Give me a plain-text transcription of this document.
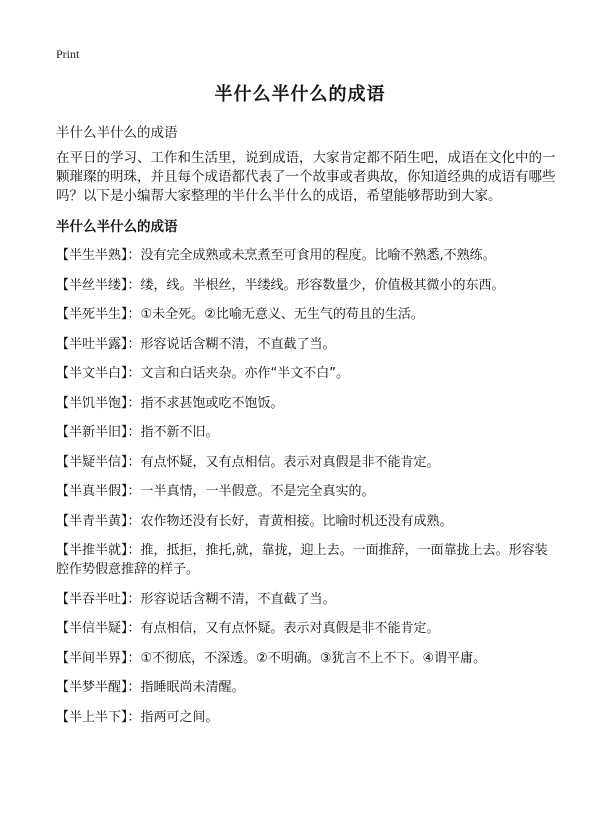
Print
半什么半什么的成语
半什么半什么的成语

在平日的学习、工作和生活里，说到成语，大家肯定都不陌生吧，成语在文化中的一颗璀璨的明珠，并且每个成语都代表了一个故事或者典故，你知道经典的成语有哪些吗？以下是小编帮大家整理的半什么半什么的成语，希望能够帮助到大家。

半什么半什么的成语
【半生半熟】：没有完全成熟或未烹煮至可食用的程度。比喻不熟悉,不熟练。
【半丝半缕】：缕，线。半根丝，半缕线。形容数量少，价值极其微小的东西。
【半死半生】：①未全死。②比喻无意义、无生气的苟且的生活。
【半吐半露】：形容说话含糊不清，不直截了当。
【半文半白】：文言和白话夹杂。亦作“半文不白”。
【半饥半饱】：指不求甚饱或吃不饱饭。
【半新半旧】：指不新不旧。
【半疑半信】：有点怀疑，又有点相信。表示对真假是非不能肯定。
【半真半假】：一半真情，一半假意。不是完全真实的。
【半青半黄】：农作物还没有长好，青黄相接。比喻时机还没有成熟。
【半推半就】：推，抵拒，推托,就，靠拢，迎上去。一面推辞，一面靠拢上去。形容装腔作势假意推辞的样子。
【半吞半吐】：形容说话含糊不清，不直截了当。
【半信半疑】：有点相信，又有点怀疑。表示对真假是非不能肯定。
【半间半界】：①不彻底，不深透。②不明确。③犹言不上不下。④谓平庸。
【半梦半醒】：指睡眠尚未清醒。
【半上半下】：指两可之间。
